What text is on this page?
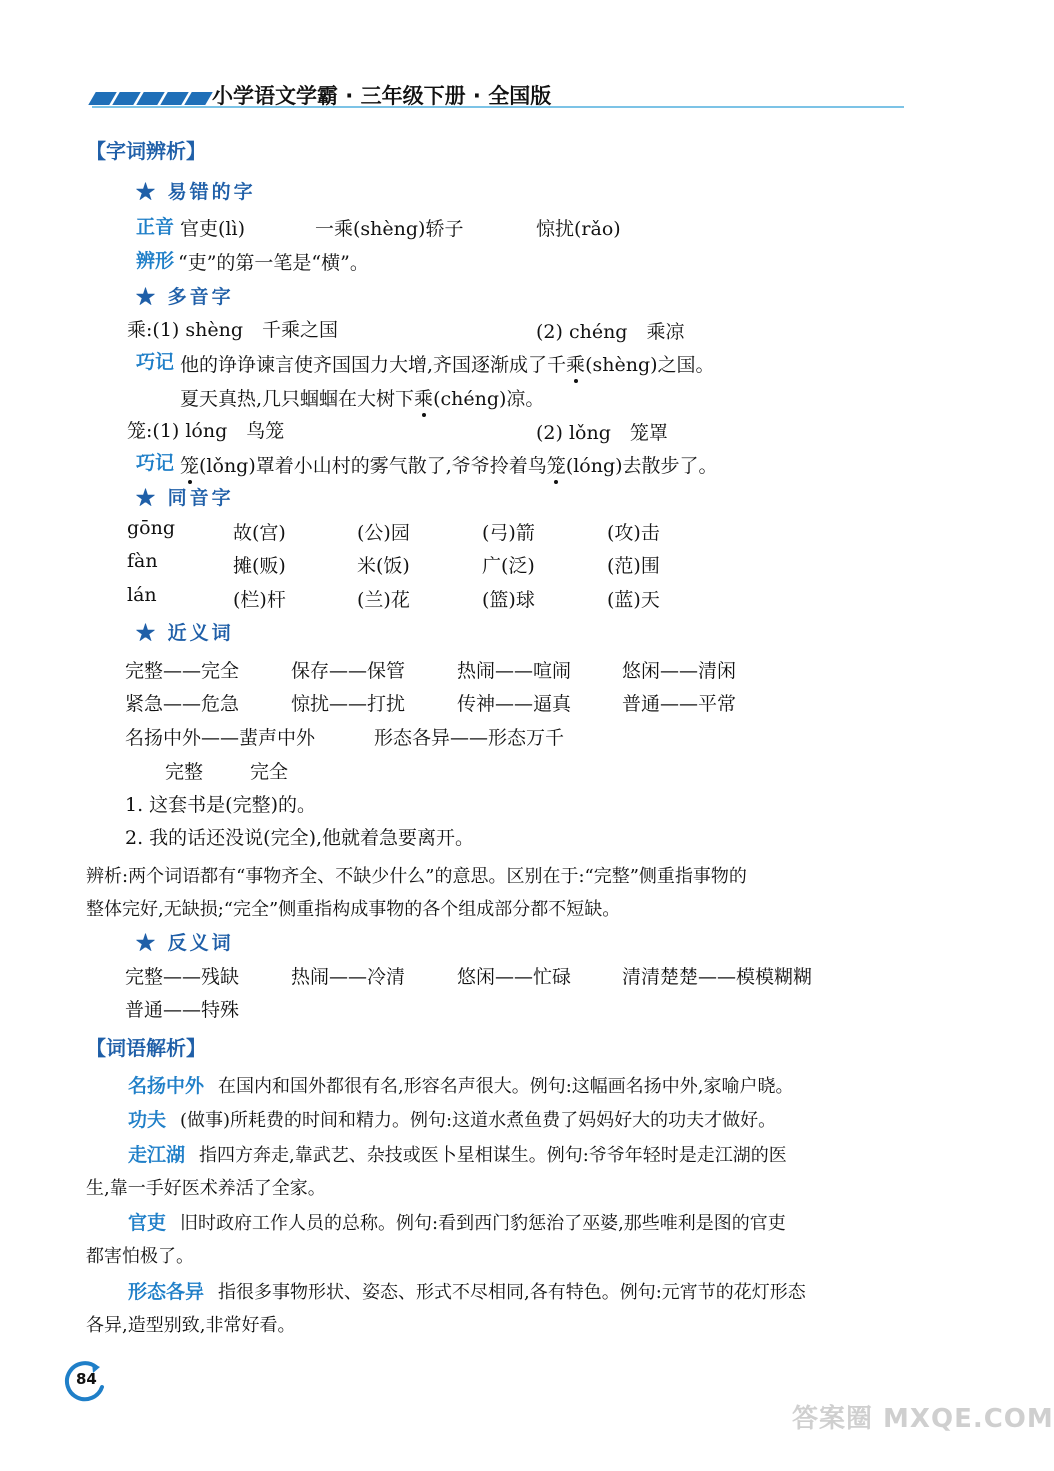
小学语文学霸 · 三年级下册 · 全国版
【字词辨析】
★ 易错的字
正音 官吏(lì)	一乘(shèng)轿子	惊扰(rǎo)
辨形 “吏”的第一笔是“横”。
★ 多音字
乘:(1) shèng　千乘之国	(2) chéng　乘凉
巧记 他的诤诤谏言使齐国国力大增,齐国逐渐成了千乘(shèng)之国。
夏天真热,几只蝈蝈在大树下乘(chéng)凉。
笼:(1) lóng　鸟笼	(2) lǒng　笼罩
巧记 笼(lǒng)罩着小山村的雾气散了,爷爷拎着鸟笼(lóng)去散步了。
★ 同音字
gōng	故(宫)	(公)园	(弓)箭	(攻)击
fàn	摊(贩)	米(饭)	广(泛)	(范)围
lán	(栏)杆	(兰)花	(篮)球	(蓝)天
★ 近义词
完整——完全	保存——保管	热闹——喧闹	悠闲——清闲
紧急——危急	惊扰——打扰	传神——逼真	普通——平常
名扬中外——蜚声中外	形态各异——形态万千
完整 完全
1. 这套书是(完整)的。
2. 我的话还没说(完全),他就着急要离开。
辨析:两个词语都有“事物齐全、不缺少什么”的意思。区别在于:“完整”侧重指事物的
整体完好,无缺损;“完全”侧重指构成事物的各个组成部分都不短缺。
★ 反义词
完整——残缺	热闹——冷清	悠闲——忙碌	清清楚楚——模模糊糊
普通——特殊
【词语解析】
名扬中外 在国内和国外都很有名,形容名声很大。例句:这幅画名扬中外,家喻户晓。
功夫 (做事)所耗费的时间和精力。例句:这道水煮鱼费了妈妈好大的功夫才做好。
走江湖 指四方奔走,靠武艺、杂技或医卜星相谋生。例句:爷爷年轻时是走江湖的医
生,靠一手好医术养活了全家。
官吏 旧时政府工作人员的总称。例句:看到西门豹惩治了巫婆,那些唯利是图的官吏
都害怕极了。
形态各异 指很多事物形状、姿态、形式不尽相同,各有特色。例句:元宵节的花灯形态
各异,造型别致,非常好看。
84
答案圈 MXQE.COM
